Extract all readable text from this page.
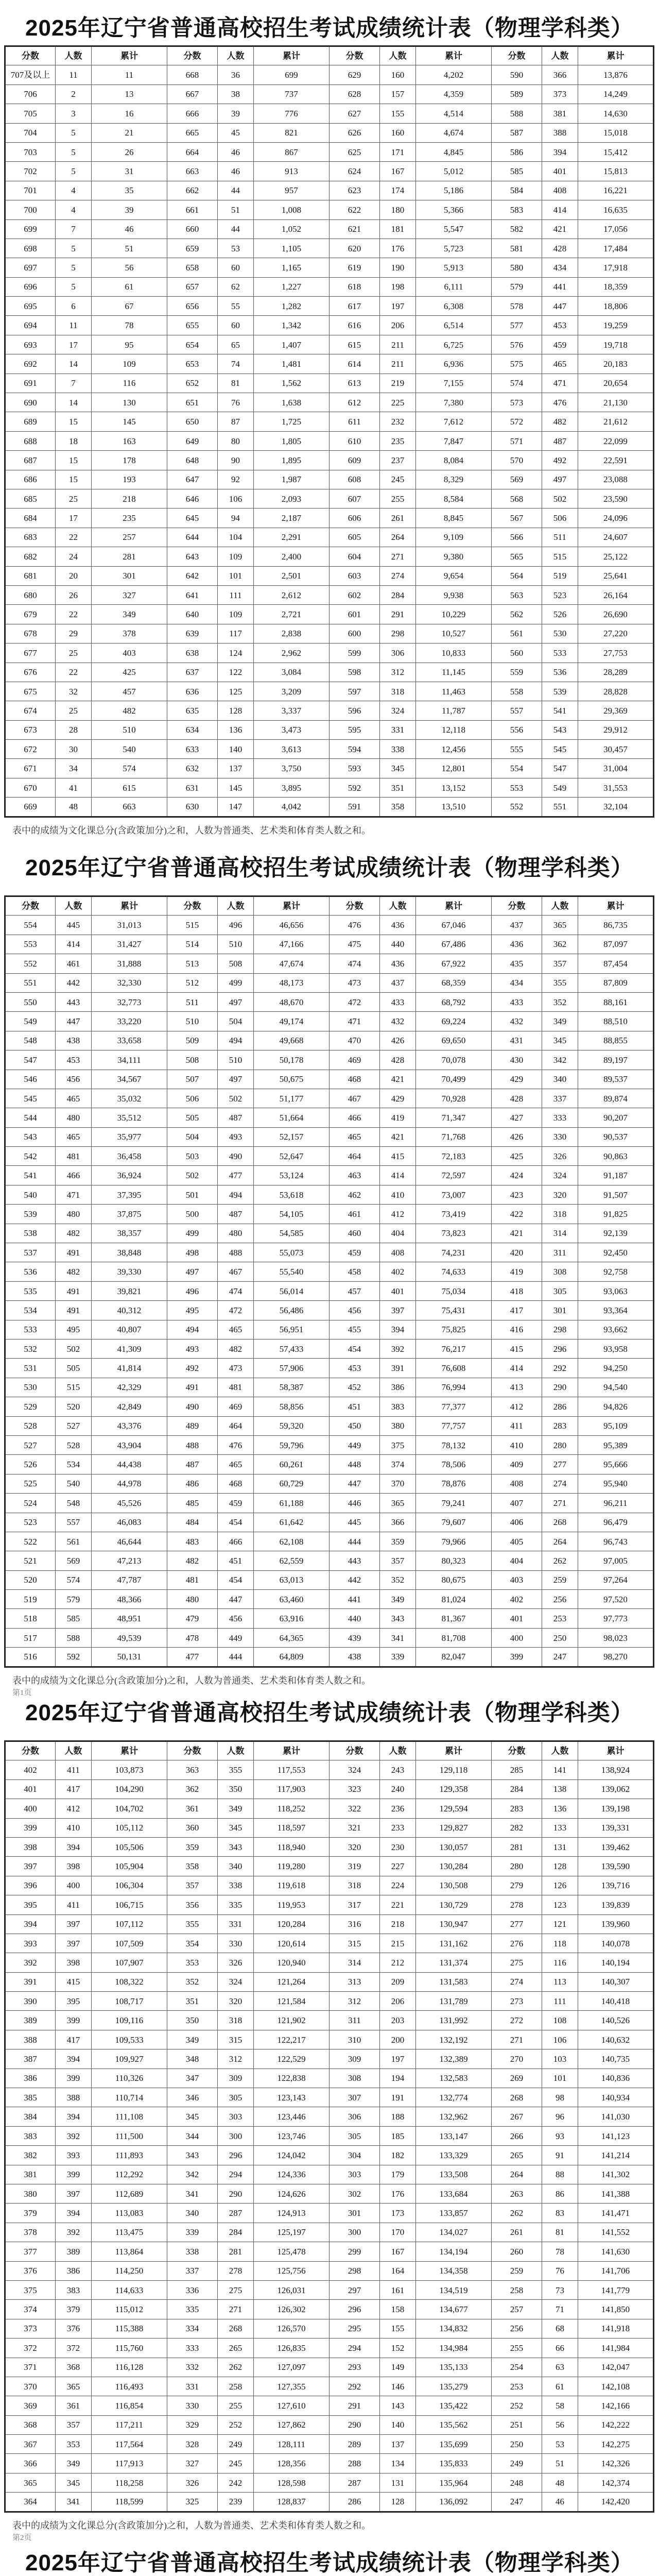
2025年辽宁省普通高校招生考试成绩统计表（物理学科类）
分数	人数	累计	分数	人数	累计	分数	人数	累计	分数	人数	累计
707及以上	11	11	668	36	699	629	160	4,202	590	366	13,876
706	2	13	667	38	737	628	157	4,359	589	373	14,249
705	3	16	666	39	776	627	155	4,514	588	381	14,630
704	5	21	665	45	821	626	160	4,674	587	388	15,018
703	5	26	664	46	867	625	171	4,845	586	394	15,412
702	5	31	663	46	913	624	167	5,012	585	401	15,813
701	4	35	662	44	957	623	174	5,186	584	408	16,221
700	4	39	661	51	1,008	622	180	5,366	583	414	16,635
699	7	46	660	44	1,052	621	181	5,547	582	421	17,056
698	5	51	659	53	1,105	620	176	5,723	581	428	17,484
697	5	56	658	60	1,165	619	190	5,913	580	434	17,918
696	5	61	657	62	1,227	618	198	6,111	579	441	18,359
695	6	67	656	55	1,282	617	197	6,308	578	447	18,806
694	11	78	655	60	1,342	616	206	6,514	577	453	19,259
693	17	95	654	65	1,407	615	211	6,725	576	459	19,718
692	14	109	653	74	1,481	614	211	6,936	575	465	20,183
691	7	116	652	81	1,562	613	219	7,155	574	471	20,654
690	14	130	651	76	1,638	612	225	7,380	573	476	21,130
689	15	145	650	87	1,725	611	232	7,612	572	482	21,612
688	18	163	649	80	1,805	610	235	7,847	571	487	22,099
687	15	178	648	90	1,895	609	237	8,084	570	492	22,591
686	15	193	647	92	1,987	608	245	8,329	569	497	23,088
685	25	218	646	106	2,093	607	255	8,584	568	502	23,590
684	17	235	645	94	2,187	606	261	8,845	567	506	24,096
683	22	257	644	104	2,291	605	264	9,109	566	511	24,607
682	24	281	643	109	2,400	604	271	9,380	565	515	25,122
681	20	301	642	101	2,501	603	274	9,654	564	519	25,641
680	26	327	641	111	2,612	602	284	9,938	563	523	26,164
679	22	349	640	109	2,721	601	291	10,229	562	526	26,690
678	29	378	639	117	2,838	600	298	10,527	561	530	27,220
677	25	403	638	124	2,962	599	306	10,833	560	533	27,753
676	22	425	637	122	3,084	598	312	11,145	559	536	28,289
675	32	457	636	125	3,209	597	318	11,463	558	539	28,828
674	25	482	635	128	3,337	596	324	11,787	557	541	29,369
673	28	510	634	136	3,473	595	331	12,118	556	543	29,912
672	30	540	633	140	3,613	594	338	12,456	555	545	30,457
671	34	574	632	137	3,750	593	345	12,801	554	547	31,004
670	41	615	631	145	3,895	592	351	13,152	553	549	31,553
669	48	663	630	147	4,042	591	358	13,510	552	551	32,104
表中的成绩为文化课总分(含政策加分)之和，人数为普通类、艺术类和体育类人数之和。
2025年辽宁省普通高校招生考试成绩统计表（物理学科类）
分数	人数	累计	分数	人数	累计	分数	人数	累计	分数	人数	累计
554	445	31,013	515	496	46,656	476	436	67,046	437	365	86,735
553	414	31,427	514	510	47,166	475	440	67,486	436	362	87,097
552	461	31,888	513	508	47,674	474	436	67,922	435	357	87,454
551	442	32,330	512	499	48,173	473	437	68,359	434	355	87,809
550	443	32,773	511	497	48,670	472	433	68,792	433	352	88,161
549	447	33,220	510	504	49,174	471	432	69,224	432	349	88,510
548	438	33,658	509	494	49,668	470	426	69,650	431	345	88,855
547	453	34,111	508	510	50,178	469	428	70,078	430	342	89,197
546	456	34,567	507	497	50,675	468	421	70,499	429	340	89,537
545	465	35,032	506	502	51,177	467	429	70,928	428	337	89,874
544	480	35,512	505	487	51,664	466	419	71,347	427	333	90,207
543	465	35,977	504	493	52,157	465	421	71,768	426	330	90,537
542	481	36,458	503	490	52,647	464	415	72,183	425	326	90,863
541	466	36,924	502	477	53,124	463	414	72,597	424	324	91,187
540	471	37,395	501	494	53,618	462	410	73,007	423	320	91,507
539	480	37,875	500	487	54,105	461	412	73,419	422	318	91,825
538	482	38,357	499	480	54,585	460	404	73,823	421	314	92,139
537	491	38,848	498	488	55,073	459	408	74,231	420	311	92,450
536	482	39,330	497	467	55,540	458	402	74,633	419	308	92,758
535	491	39,821	496	474	56,014	457	401	75,034	418	305	93,063
534	491	40,312	495	472	56,486	456	397	75,431	417	301	93,364
533	495	40,807	494	465	56,951	455	394	75,825	416	298	93,662
532	502	41,309	493	482	57,433	454	392	76,217	415	296	93,958
531	505	41,814	492	473	57,906	453	391	76,608	414	292	94,250
530	515	42,329	491	481	58,387	452	386	76,994	413	290	94,540
529	520	42,849	490	469	58,856	451	383	77,377	412	286	94,826
528	527	43,376	489	464	59,320	450	380	77,757	411	283	95,109
527	528	43,904	488	476	59,796	449	375	78,132	410	280	95,389
526	534	44,438	487	465	60,261	448	374	78,506	409	277	95,666
525	540	44,978	486	468	60,729	447	370	78,876	408	274	95,940
524	548	45,526	485	459	61,188	446	365	79,241	407	271	96,211
523	557	46,083	484	454	61,642	445	366	79,607	406	268	96,479
522	561	46,644	483	466	62,108	444	359	79,966	405	264	96,743
521	569	47,213	482	451	62,559	443	357	80,323	404	262	97,005
520	574	47,787	481	454	63,013	442	352	80,675	403	259	97,264
519	579	48,366	480	447	63,460	441	349	81,024	402	256	97,520
518	585	48,951	479	456	63,916	440	343	81,367	401	253	97,773
517	588	49,539	478	449	64,365	439	341	81,708	400	250	98,023
516	592	50,131	477	444	64,809	438	339	82,047	399	247	98,270
表中的成绩为文化课总分(含政策加分)之和，人数为普通类、艺术类和体育类人数之和。
第1页
2025年辽宁省普通高校招生考试成绩统计表（物理学科类）
分数	人数	累计	分数	人数	累计	分数	人数	累计	分数	人数	累计
402	411	103,873	363	355	117,553	324	243	129,118	285	141	138,924
401	417	104,290	362	350	117,903	323	240	129,358	284	138	139,062
400	412	104,702	361	349	118,252	322	236	129,594	283	136	139,198
399	410	105,112	360	345	118,597	321	233	129,827	282	133	139,331
398	394	105,506	359	343	118,940	320	230	130,057	281	131	139,462
397	398	105,904	358	340	119,280	319	227	130,284	280	128	139,590
396	400	106,304	357	338	119,618	318	224	130,508	279	126	139,716
395	411	106,715	356	335	119,953	317	221	130,729	278	123	139,839
394	397	107,112	355	331	120,284	316	218	130,947	277	121	139,960
393	397	107,509	354	330	120,614	315	215	131,162	276	118	140,078
392	398	107,907	353	326	120,940	314	212	131,374	275	116	140,194
391	415	108,322	352	324	121,264	313	209	131,583	274	113	140,307
390	395	108,717	351	320	121,584	312	206	131,789	273	111	140,418
389	399	109,116	350	318	121,902	311	203	131,992	272	108	140,526
388	417	109,533	349	315	122,217	310	200	132,192	271	106	140,632
387	394	109,927	348	312	122,529	309	197	132,389	270	103	140,735
386	399	110,326	347	309	122,838	308	194	132,583	269	101	140,836
385	388	110,714	346	305	123,143	307	191	132,774	268	98	140,934
384	394	111,108	345	303	123,446	306	188	132,962	267	96	141,030
383	392	111,500	344	300	123,746	305	185	133,147	266	93	141,123
382	393	111,893	343	296	124,042	304	182	133,329	265	91	141,214
381	399	112,292	342	294	124,336	303	179	133,508	264	88	141,302
380	397	112,689	341	290	124,626	302	176	133,684	263	86	141,388
379	394	113,083	340	287	124,913	301	173	133,857	262	83	141,471
378	392	113,475	339	284	125,197	300	170	134,027	261	81	141,552
377	389	113,864	338	281	125,478	299	167	134,194	260	78	141,630
376	386	114,250	337	278	125,756	298	164	134,358	259	76	141,706
375	383	114,633	336	275	126,031	297	161	134,519	258	73	141,779
374	379	115,012	335	271	126,302	296	158	134,677	257	71	141,850
373	376	115,388	334	268	126,570	295	155	134,832	256	68	141,918
372	372	115,760	333	265	126,835	294	152	134,984	255	66	141,984
371	368	116,128	332	262	127,097	293	149	135,133	254	63	142,047
370	365	116,493	331	258	127,355	292	146	135,279	253	61	142,108
369	361	116,854	330	255	127,610	291	143	135,422	252	58	142,166
368	357	117,211	329	252	127,862	290	140	135,562	251	56	142,222
367	353	117,564	328	249	128,111	289	137	135,699	250	53	142,275
366	349	117,913	327	245	128,356	288	134	135,833	249	51	142,326
365	345	118,258	326	242	128,598	287	131	135,964	248	48	142,374
364	341	118,599	325	239	128,837	286	128	136,092	247	46	142,420
表中的成绩为文化课总分(含政策加分)之和，人数为普通类、艺术类和体育类人数之和。
第2页
2025年辽宁省普通高校招生考试成绩统计表（物理学科类）
